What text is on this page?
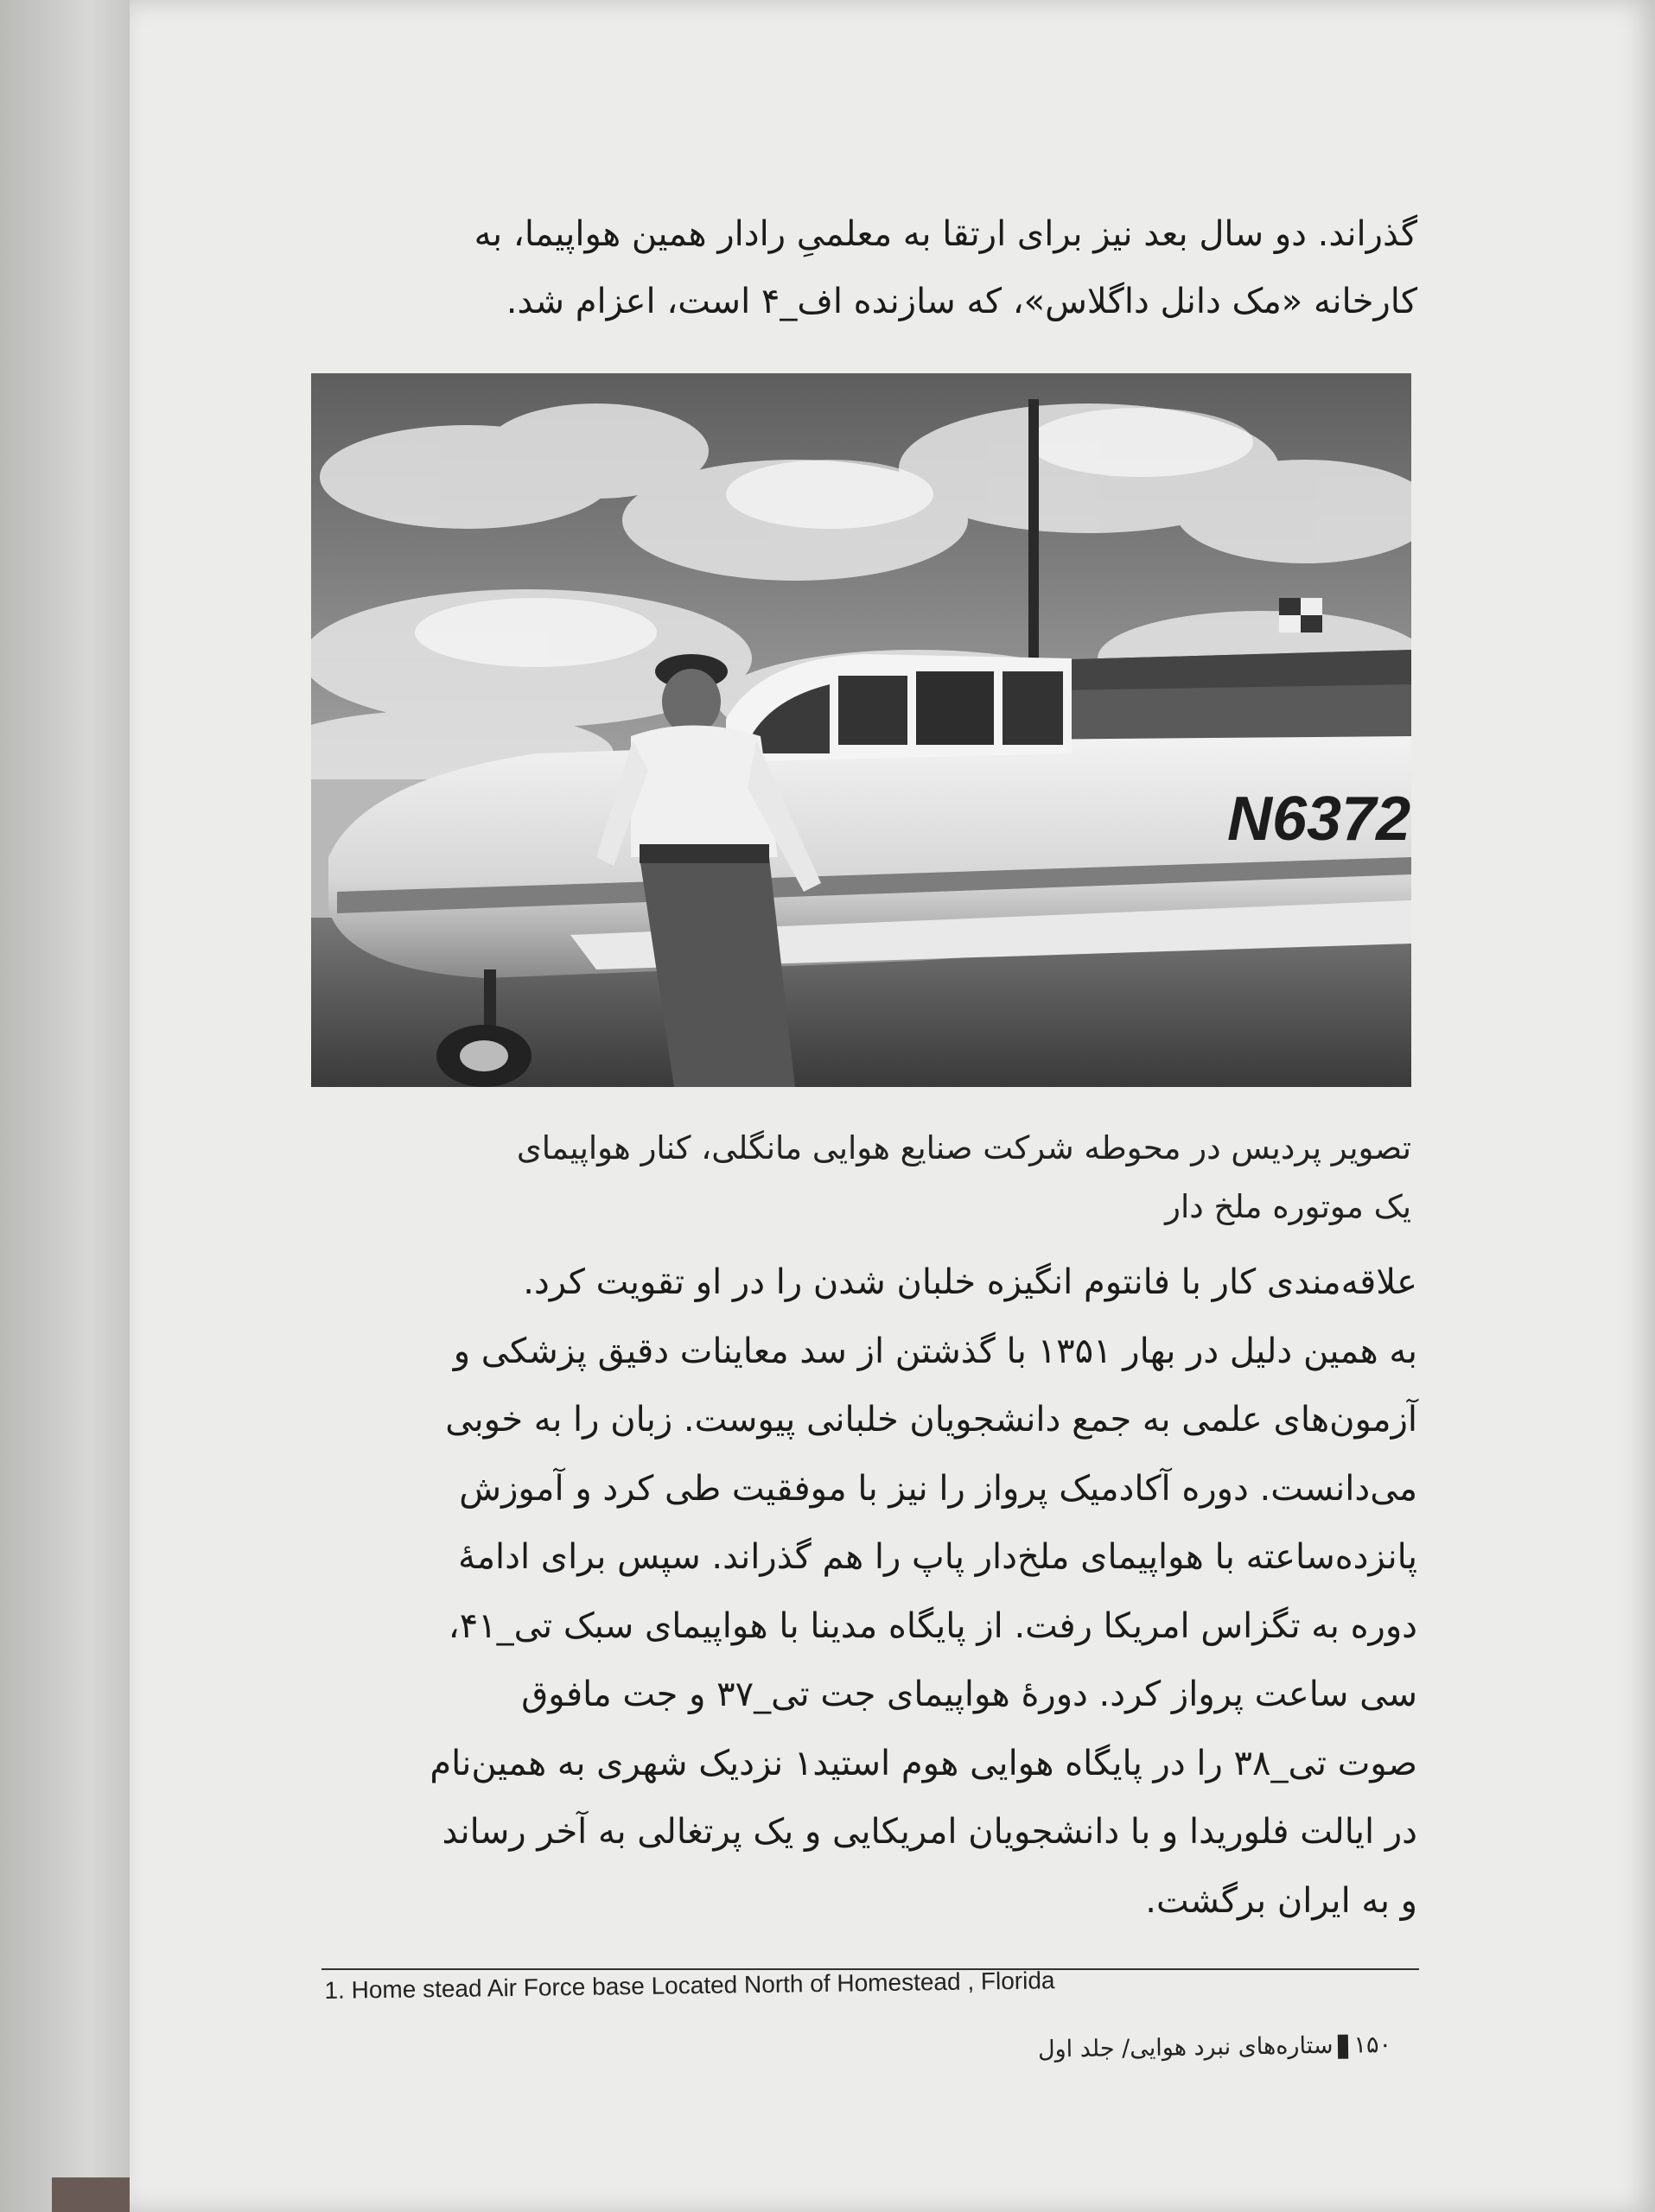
گذراند. دو سال بعد نیز برای ارتقا به معلمیِ رادار همین هواپیما، به
کارخانه «مک دانل داگلاس»، که سازنده اف_۴ است، اعزام شد.
N6372
تصویر پردیس در محوطه شرکت صنایع هوایی مانگلی، کنار هواپیمای
یک موتوره ملخ دار
علاقه‌مندی کار با فانتوم انگیزه خلبان شدن را در او تقویت کرد.
به همین دلیل در بهار ۱۳۵۱ با گذشتن از سد معاینات دقیق پزشکی و
آزمون‌های علمی به جمع دانشجویان خلبانی پیوست. زبان را به خوبی
می‌دانست. دوره آکادمیک پرواز را نیز با موفقیت طی کرد و آموزش
پانزده‌ساعته با هواپیمای ملخ‌دار پاپ را هم گذراند. سپس برای ادامهٔ
دوره به تگزاس امریکا رفت. از پایگاه مدینا با هواپیمای سبک تی_۴۱،
سی ساعت پرواز کرد. دورهٔ هواپیمای جت تی_۳۷ و جت مافوق
صوت تی_۳۸ را در پایگاه هوایی هوم استید۱ نزدیک شهری به همین‌نام
در ایالت فلوریدا و با دانشجویان امریکایی و یک پرتغالی به آخر رساند
و به ایران برگشت.
1. Home stead Air Force base Located North of Homestead , Florida
۱۵۰ستاره‌های نبرد هوایی/ جلد اول
